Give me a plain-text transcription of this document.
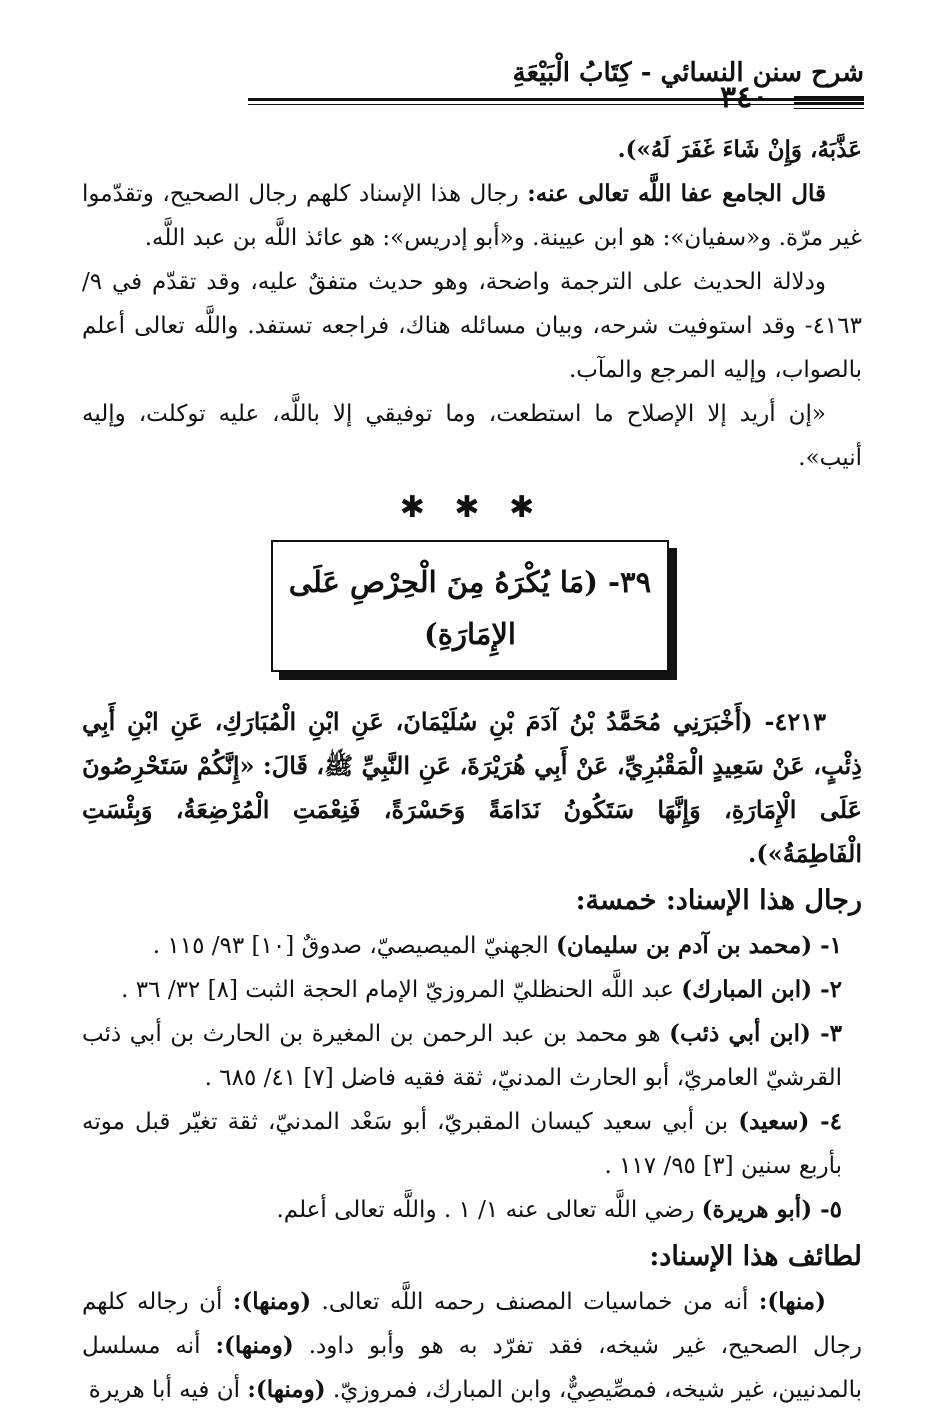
شرح سنن النسائي - كِتَابُ الْبَيْعَةِ
٣٤٠

عَذَّبَهُ، وَإِنْ شَاءَ غَفَرَ لَهُ»).

قال الجامع عفا اللَّه تعالى عنه: رجال هذا الإسناد كلهم رجال الصحيح، وتقدّموا غير مرّة. و«سفيان»: هو ابن عيينة. و«أبو إدريس»: هو عائذ اللَّه بن عبد اللَّه.

ودلالة الحديث على الترجمة واضحة، وهو حديث متفقٌ عليه، وقد تقدّم في ٩/ ٤١٦٣- وقد استوفيت شرحه، وبيان مسائله هناك، فراجعه تستفد. واللَّه تعالى أعلم بالصواب، وإليه المرجع والمآب.

«إن أريد إلا الإصلاح ما استطعت، وما توفيقي إلا باللَّه، عليه توكلت، وإليه أنيب».

✱ ✱ ✱
٣٩- (مَا يُكْرَهُ مِنَ الْحِرْصِ عَلَى
الإِمَارَةِ)

٤٢١٣- (أَخْبَرَنِي مُحَمَّدُ بْنُ آدَمَ بْنِ سُلَيْمَانَ، عَنِ ابْنِ الْمُبَارَكِ، عَنِ ابْنِ أَبِي ذِئْبٍ، عَنْ سَعِيدٍ الْمَقْبُرِيِّ، عَنْ أَبِي هُرَيْرَةَ، عَنِ النَّبِيِّ ﷺ، قَالَ: «إِنَّكُمْ سَتَحْرِصُونَ عَلَى الْإِمَارَةِ، وَإِنَّهَا سَتَكُونُ نَدَامَةً وَحَسْرَةً، فَنِعْمَتِ الْمُرْضِعَةُ، وَبِئْسَتِ الْفَاطِمَةُ»).

رجال هذا الإسناد: خمسة:

١- (محمد بن آدم بن سليمان) الجهنيّ الميصيصيّ، صدوقٌ [١٠] ٩٣/ ١١٥ .

٢- (ابن المبارك) عبد اللَّه الحنظليّ المروزيّ الإمام الحجة الثبت [٨] ٣٢/ ٣٦ .

٣- (ابن أبي ذئب) هو محمد بن عبد الرحمن بن المغيرة بن الحارث بن أبي ذئب القرشيّ العامريّ، أبو الحارث المدنيّ، ثقة فقيه فاضل [٧] ٤١/ ٦٨٥ .

٤- (سعيد) بن أبي سعيد كيسان المقبريّ، أبو سَعْد المدنيّ، ثقة تغيّر قبل موته بأربع سنين [٣] ٩٥/ ١١٧ .

٥- (أبو هريرة) رضي اللَّه تعالى عنه ١/ ١ . واللَّه تعالى أعلم.

لطائف هذا الإسناد:

(منها): أنه من خماسيات المصنف رحمه اللَّه تعالى. (ومنها): أن رجاله كلهم رجال الصحيح، غير شيخه، فقد تفرّد به هو وأبو داود. (ومنها): أنه مسلسل بالمدنيين، غير شيخه، فمصِّيصِيٌّ، وابن المبارك، فمروزيّ. (ومنها): أن فيه أبا هريرة
